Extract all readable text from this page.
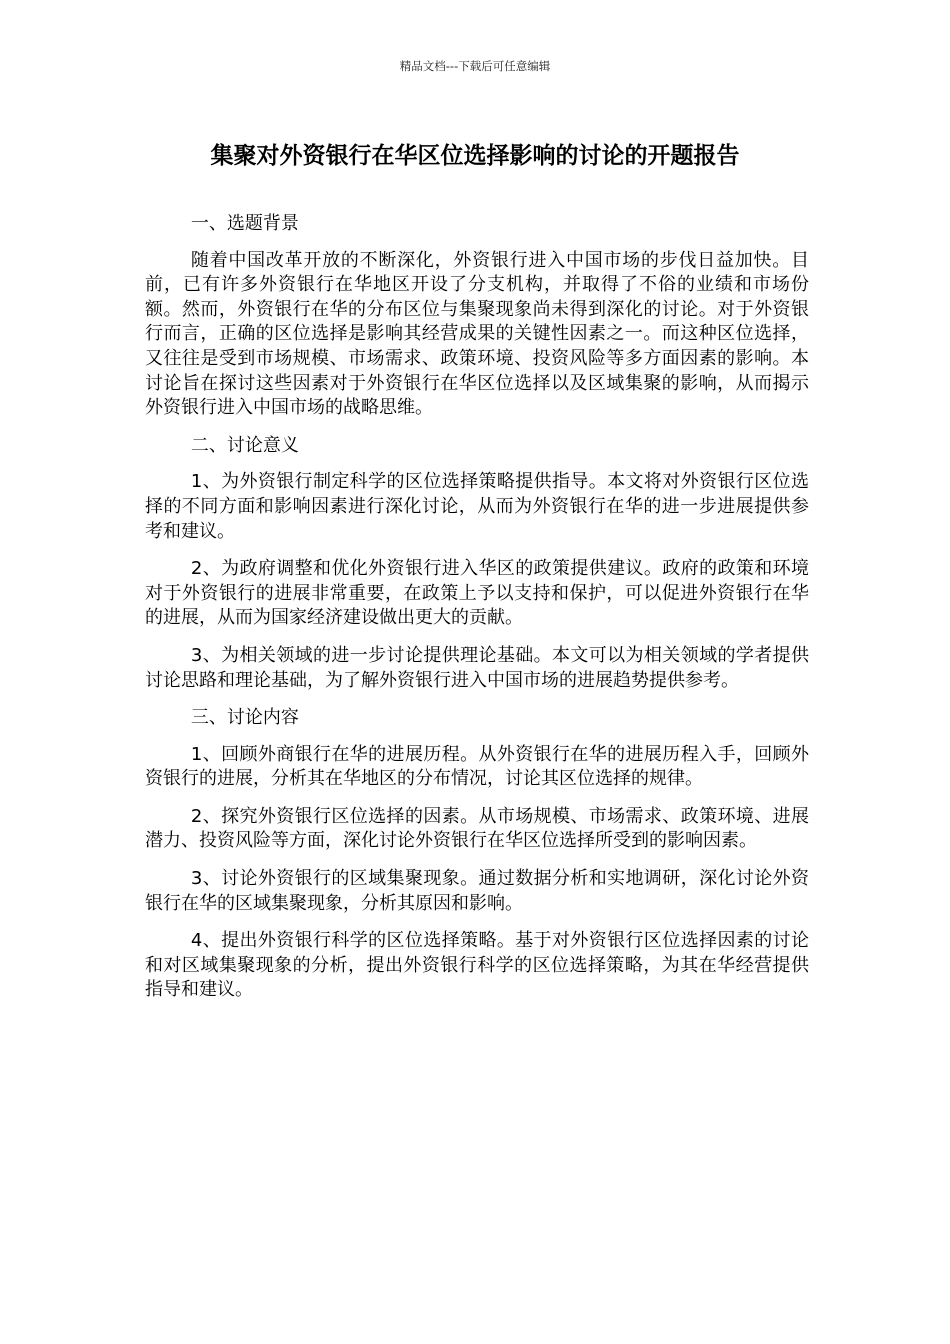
精品文档---下载后可任意编辑
集聚对外资银行在华区位选择影响的讨论的开题报告

一、选题背景

随着中国改革开放的不断深化，外资银行进入中国市场的步伐日益加快。目前，已有许多外资银行在华地区开设了分支机构，并取得了不俗的业绩和市场份额。然而，外资银行在华的分布区位与集聚现象尚未得到深化的讨论。对于外资银行而言，正确的区位选择是影响其经营成果的关键性因素之一。而这种区位选择，又往往是受到市场规模、市场需求、政策环境、投资风险等多方面因素的影响。本讨论旨在探讨这些因素对于外资银行在华区位选择以及区域集聚的影响，从而揭示外资银行进入中国市场的战略思维。

二、讨论意义

1、为外资银行制定科学的区位选择策略提供指导。本文将对外资银行区位选择的不同方面和影响因素进行深化讨论，从而为外资银行在华的进一步进展提供参考和建议。

2、为政府调整和优化外资银行进入华区的政策提供建议。政府的政策和环境对于外资银行的进展非常重要，在政策上予以支持和保护，可以促进外资银行在华的进展，从而为国家经济建设做出更大的贡献。

3、为相关领域的进一步讨论提供理论基础。本文可以为相关领域的学者提供讨论思路和理论基础，为了解外资银行进入中国市场的进展趋势提供参考。

三、讨论内容

1、回顾外商银行在华的进展历程。从外资银行在华的进展历程入手，回顾外资银行的进展，分析其在华地区的分布情况，讨论其区位选择的规律。

2、探究外资银行区位选择的因素。从市场规模、市场需求、政策环境、进展潜力、投资风险等方面，深化讨论外资银行在华区位选择所受到的影响因素。

3、讨论外资银行的区域集聚现象。通过数据分析和实地调研，深化讨论外资银行在华的区域集聚现象，分析其原因和影响。

4、提出外资银行科学的区位选择策略。基于对外资银行区位选择因素的讨论和对区域集聚现象的分析，提出外资银行科学的区位选择策略，为其在华经营提供指导和建议。
